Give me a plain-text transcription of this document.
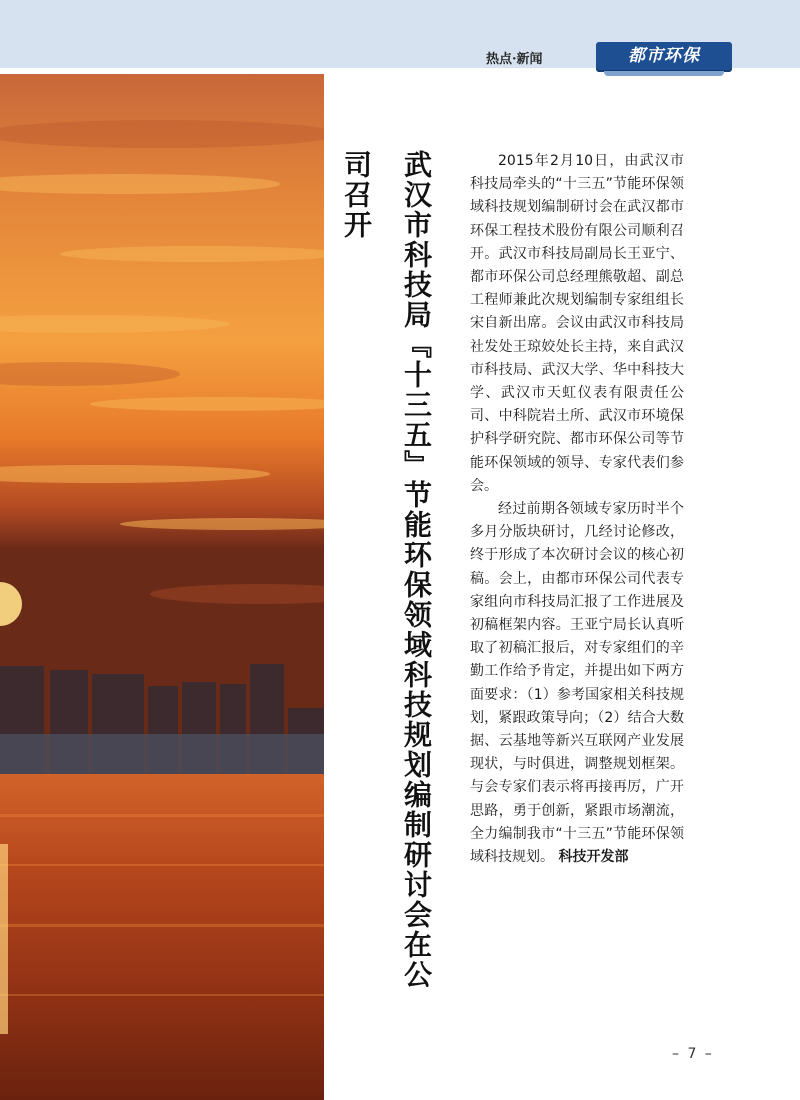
热点·新闻	都市环保
武汉市科技局『十三五』节能环保领域科技规划编制研讨会在公司召开	2015年2月10日，由武汉市科技局牵头的“十三五”节能环保领域科技规划编制研讨会在武汉都市环保工程技术股份有限公司顺利召开。武汉市科技局副局长王亚宁、都市环保公司总经理熊敬超、副总工程师兼此次规划编制专家组组长宋自新出席。会议由武汉市科技局社发处王琼姣处长主持，来自武汉市科技局、武汉大学、华中科技大学、武汉市天虹仪表有限责任公司、中科院岩土所、武汉市环境保护科学研究院、都市环保公司等节能环保领域的领导、专家代表们参会。

经过前期各领域专家历时半个多月分版块研讨，几经讨论修改，终于形成了本次研讨会议的核心初稿。会上，由都市环保公司代表专家组向市科技局汇报了工作进展及初稿框架内容。王亚宁局长认真听取了初稿汇报后，对专家组们的辛勤工作给予肯定，并提出如下两方面要求：（1）参考国家相关科技规划，紧跟政策导向；（2）结合大数据、云基地等新兴互联网产业发展现状，与时俱进，调整规划框架。与会专家们表示将再接再厉，广开思路，勇于创新，紧跟市场潮流，全力编制我市“十三五”节能环保领域科技规划。 科技开发部

– 7 –
